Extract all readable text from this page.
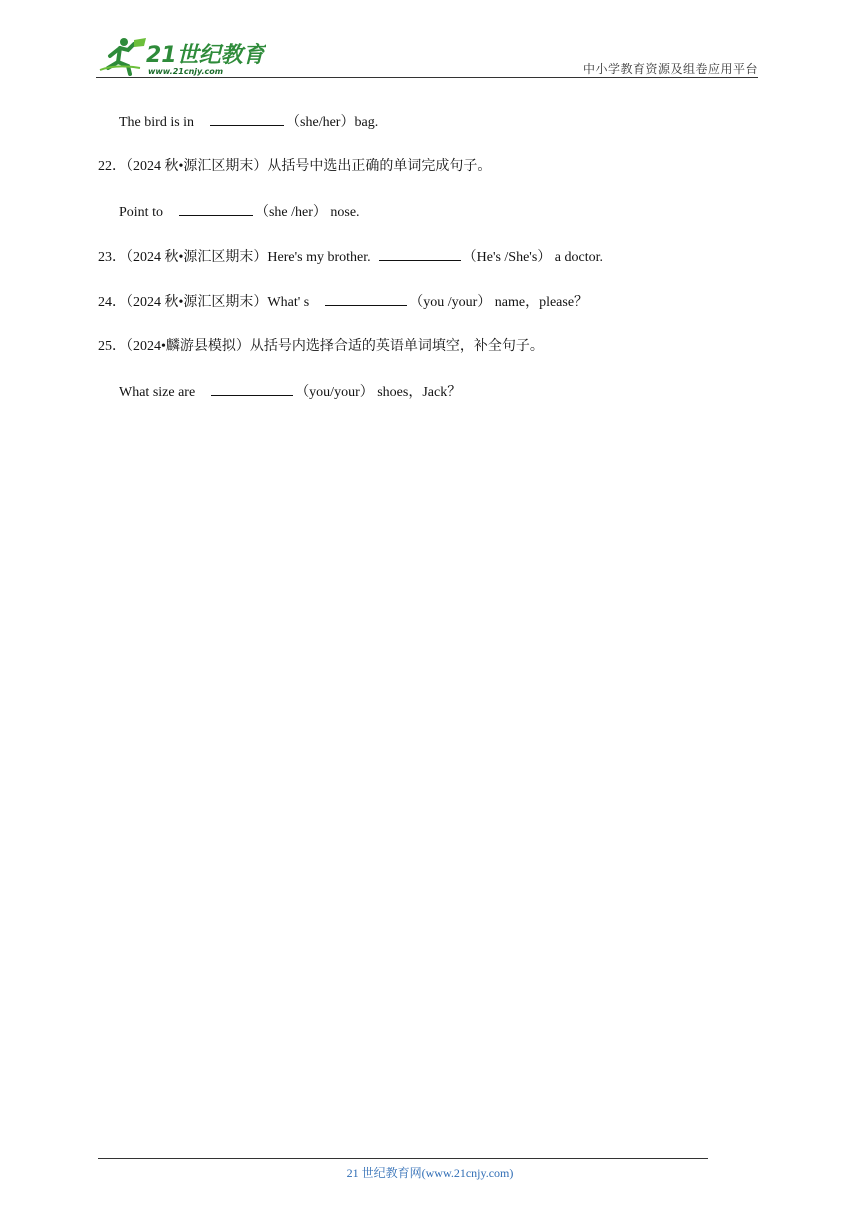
21世纪教育
www.21cnjy.com	中小学教育资源及组卷应用平台
The bird is in	（she/her）bag.
22．（2024 秋•源汇区期末）从括号中选出正确的单词完成句子。
Point to	（she /her） nose.
23．（2024 秋•源汇区期末）Here's my brother.	（He's /She's） a doctor.
24．（2024 秋•源汇区期末）What' s	（you /your） name，please？
25．（2024•麟游县模拟）从括号内选择合适的英语单词填空，补全句子。
What size are	（you/your） shoes，Jack？
21 世纪教育网(www.21cnjy.com)
